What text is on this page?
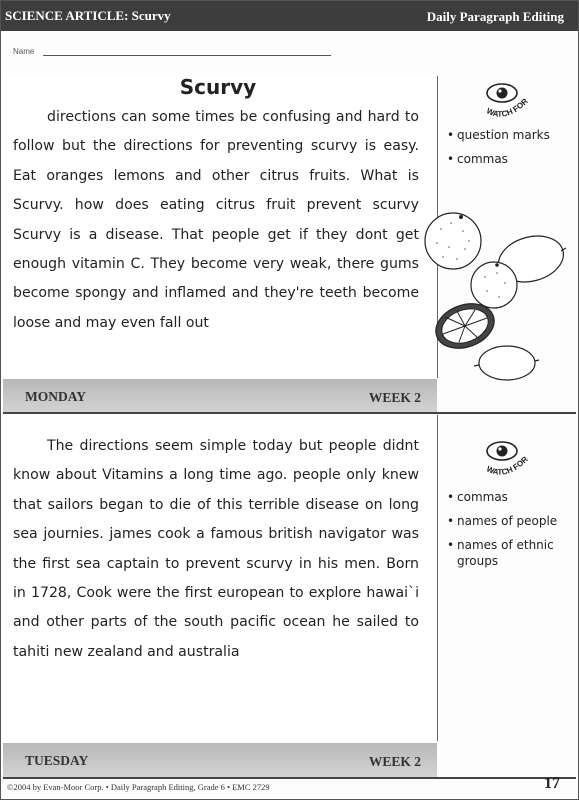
SCIENCE ARTICLE: Scurvy	Daily Paragraph Editing
Name
Scurvy
directions can some times be confusing and hard to follow but the directions for preventing scurvy is easy. Eat oranges lemons and other citrus fruits. What is Scurvy. how does eating citrus fruit prevent scurvy Scurvy is a disease. That people get if they dont get enough vitamin C. They become very weak, there gums become spongy and inflamed and they're teeth become loose and may even fall out
WATCH FOR
• question marks
• commas
MONDAY	WEEK 2
The directions seem simple today but people didnt know about Vitamins a long time ago. people only knew that sailors began to die of this terrible disease on long sea journies. james cook a famous british navigator was the first sea captain to prevent scurvy in his men. Born in 1728, Cook were the first european to explore hawai`i and other parts of the south pacific ocean he sailed to tahiti new zealand and australia
WATCH FOR
• commas
• names of people
• names of ethnic groups
TUESDAY	WEEK 2
©2004 by Evan-Moor Corp. • Daily Paragraph Editing, Grade 6 • EMC 2729	17
